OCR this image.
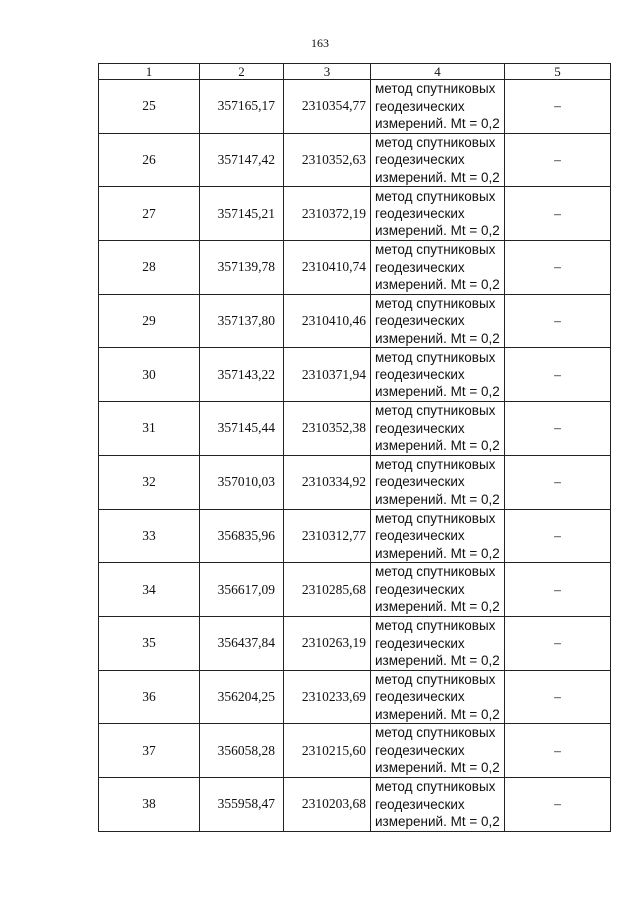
163
1	2	3	4	5
25	357165,17	2310354,77	метод спутниковых
геодезических
измерений. Mt = 0,2	–
26	357147,42	2310352,63	метод спутниковых
геодезических
измерений. Mt = 0,2	–
27	357145,21	2310372,19	метод спутниковых
геодезических
измерений. Mt = 0,2	–
28	357139,78	2310410,74	метод спутниковых
геодезических
измерений. Mt = 0,2	–
29	357137,80	2310410,46	метод спутниковых
геодезических
измерений. Mt = 0,2	–
30	357143,22	2310371,94	метод спутниковых
геодезических
измерений. Mt = 0,2	–
31	357145,44	2310352,38	метод спутниковых
геодезических
измерений. Mt = 0,2	–
32	357010,03	2310334,92	метод спутниковых
геодезических
измерений. Mt = 0,2	–
33	356835,96	2310312,77	метод спутниковых
геодезических
измерений. Mt = 0,2	–
34	356617,09	2310285,68	метод спутниковых
геодезических
измерений. Mt = 0,2	–
35	356437,84	2310263,19	метод спутниковых
геодезических
измерений. Mt = 0,2	–
36	356204,25	2310233,69	метод спутниковых
геодезических
измерений. Mt = 0,2	–
37	356058,28	2310215,60	метод спутниковых
геодезических
измерений. Mt = 0,2	–
38	355958,47	2310203,68	метод спутниковых
геодезических
измерений. Mt = 0,2	–
